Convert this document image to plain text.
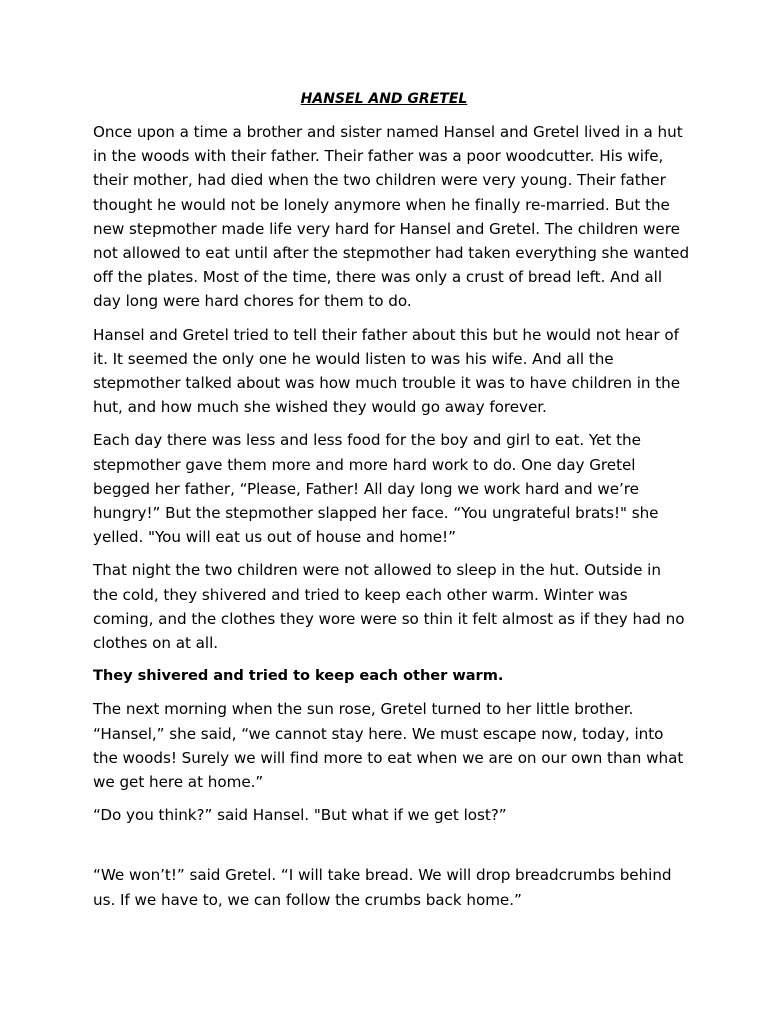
HANSEL AND GRETEL

Once upon a time a brother and sister named Hansel and Gretel lived in a hut
in the woods with their father. Their father was a poor woodcutter. His wife,
their mother, had died when the two children were very young. Their father
thought he would not be lonely anymore when he finally re-married. But the
new stepmother made life very hard for Hansel and Gretel. The children were
not allowed to eat until after the stepmother had taken everything she wanted
off the plates. Most of the time, there was only a crust of bread left. And all
day long were hard chores for them to do.

Hansel and Gretel tried to tell their father about this but he would not hear of
it. It seemed the only one he would listen to was his wife. And all the
stepmother talked about was how much trouble it was to have children in the
hut, and how much she wished they would go away forever.

Each day there was less and less food for the boy and girl to eat. Yet the
stepmother gave them more and more hard work to do. One day Gretel
begged her father, “Please, Father! All day long we work hard and we’re
hungry!” But the stepmother slapped her face. “You ungrateful brats!" she
yelled. "You will eat us out of house and home!”

That night the two children were not allowed to sleep in the hut. Outside in
the cold, they shivered and tried to keep each other warm. Winter was
coming, and the clothes they wore were so thin it felt almost as if they had no
clothes on at all.

They shivered and tried to keep each other warm.

The next morning when the sun rose, Gretel turned to her little brother.
“Hansel,” she said, “we cannot stay here. We must escape now, today, into
the woods! Surely we will find more to eat when we are on our own than what
we get here at home.”

“Do you think?” said Hansel. "But what if we get lost?”

“We won’t!” said Gretel. “I will take bread. We will drop breadcrumbs behind
us. If we have to, we can follow the crumbs back home.”
